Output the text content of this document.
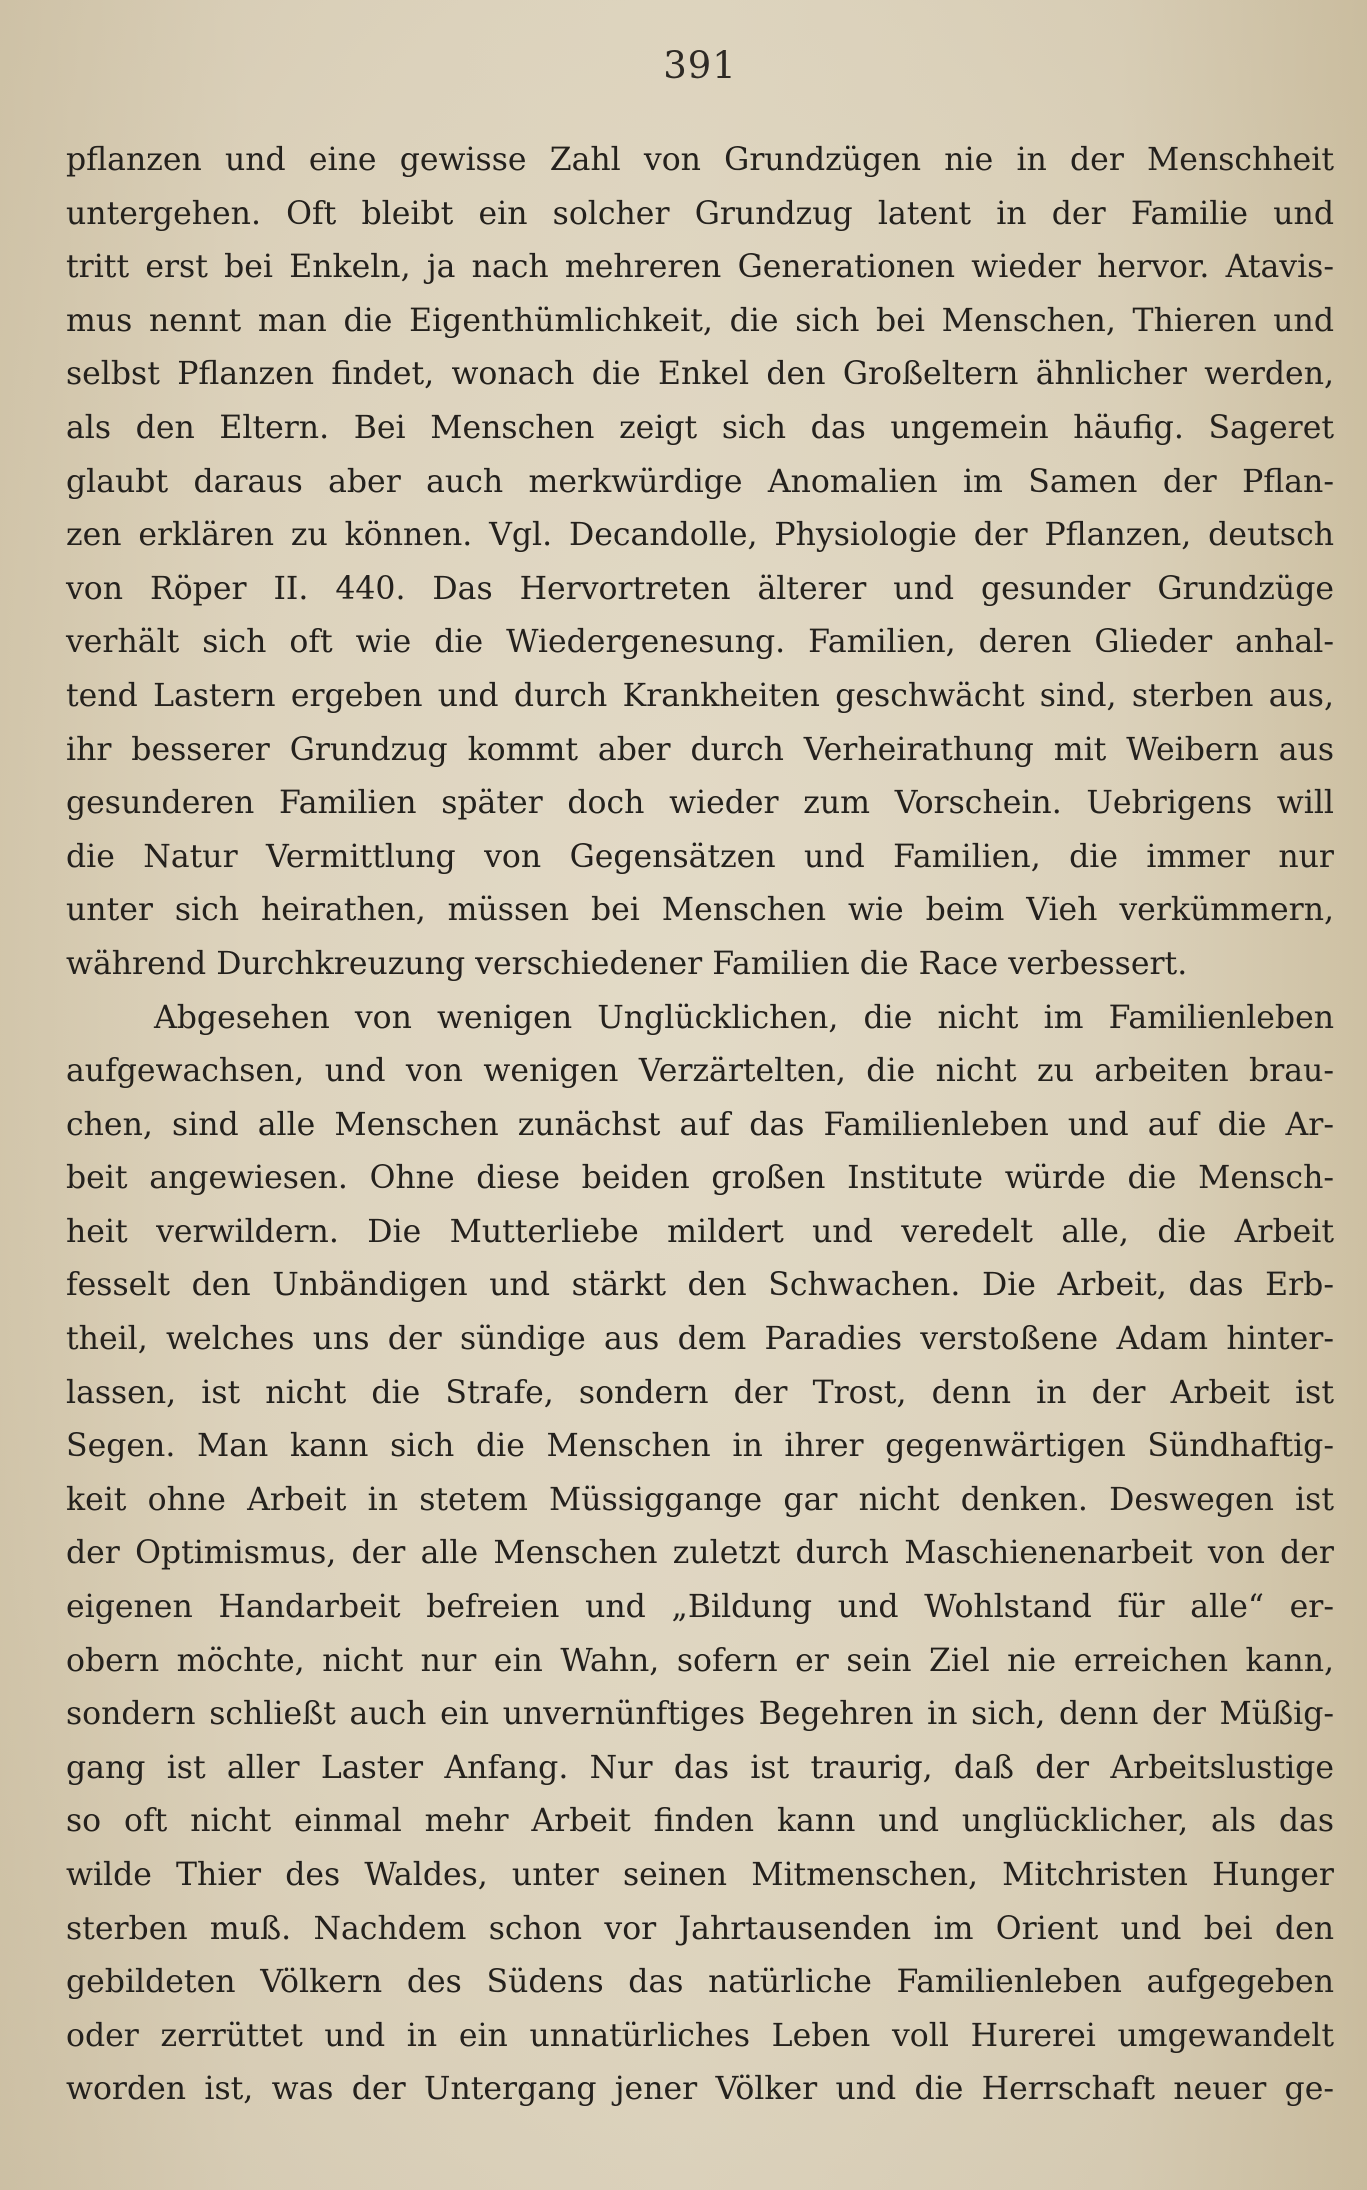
391
pflanzen und eine gewisse Zahl von Grundzügen nie in der Menschheit
untergehen. Oft bleibt ein solcher Grundzug latent in der Familie und
tritt erst bei Enkeln, ja nach mehreren Generationen wieder hervor. Atavis-
mus nennt man die Eigenthümlichkeit, die sich bei Menschen, Thieren und
selbst Pflanzen findet, wonach die Enkel den Großeltern ähnlicher werden,
als den Eltern. Bei Menschen zeigt sich das ungemein häufig. Sageret
glaubt daraus aber auch merkwürdige Anomalien im Samen der Pflan-
zen erklären zu können. Vgl. Decandolle, Physiologie der Pflanzen, deutsch
von Röper II. 440. Das Hervortreten älterer und gesunder Grundzüge
verhält sich oft wie die Wiedergenesung. Familien, deren Glieder anhal-
tend Lastern ergeben und durch Krankheiten geschwächt sind, sterben aus,
ihr besserer Grundzug kommt aber durch Verheirathung mit Weibern aus
gesunderen Familien später doch wieder zum Vorschein. Uebrigens will
die Natur Vermittlung von Gegensätzen und Familien, die immer nur
unter sich heirathen, müssen bei Menschen wie beim Vieh verkümmern,
während Durchkreuzung verschiedener Familien die Race verbessert.
Abgesehen von wenigen Unglücklichen, die nicht im Familienleben
aufgewachsen, und von wenigen Verzärtelten, die nicht zu arbeiten brau-
chen, sind alle Menschen zunächst auf das Familienleben und auf die Ar-
beit angewiesen. Ohne diese beiden großen Institute würde die Mensch-
heit verwildern. Die Mutterliebe mildert und veredelt alle, die Arbeit
fesselt den Unbändigen und stärkt den Schwachen. Die Arbeit, das Erb-
theil, welches uns der sündige aus dem Paradies verstoßene Adam hinter-
lassen, ist nicht die Strafe, sondern der Trost, denn in der Arbeit ist
Segen. Man kann sich die Menschen in ihrer gegenwärtigen Sündhaftig-
keit ohne Arbeit in stetem Müssiggange gar nicht denken. Deswegen ist
der Optimismus, der alle Menschen zuletzt durch Maschienenarbeit von der
eigenen Handarbeit befreien und „Bildung und Wohlstand für alle“ er-
obern möchte, nicht nur ein Wahn, sofern er sein Ziel nie erreichen kann,
sondern schließt auch ein unvernünftiges Begehren in sich, denn der Müßig-
gang ist aller Laster Anfang. Nur das ist traurig, daß der Arbeitslustige
so oft nicht einmal mehr Arbeit finden kann und unglücklicher, als das
wilde Thier des Waldes, unter seinen Mitmenschen, Mitchristen Hunger
sterben muß. Nachdem schon vor Jahrtausenden im Orient und bei den
gebildeten Völkern des Südens das natürliche Familienleben aufgegeben
oder zerrüttet und in ein unnatürliches Leben voll Hurerei umgewandelt
worden ist, was der Untergang jener Völker und die Herrschaft neuer ge-
